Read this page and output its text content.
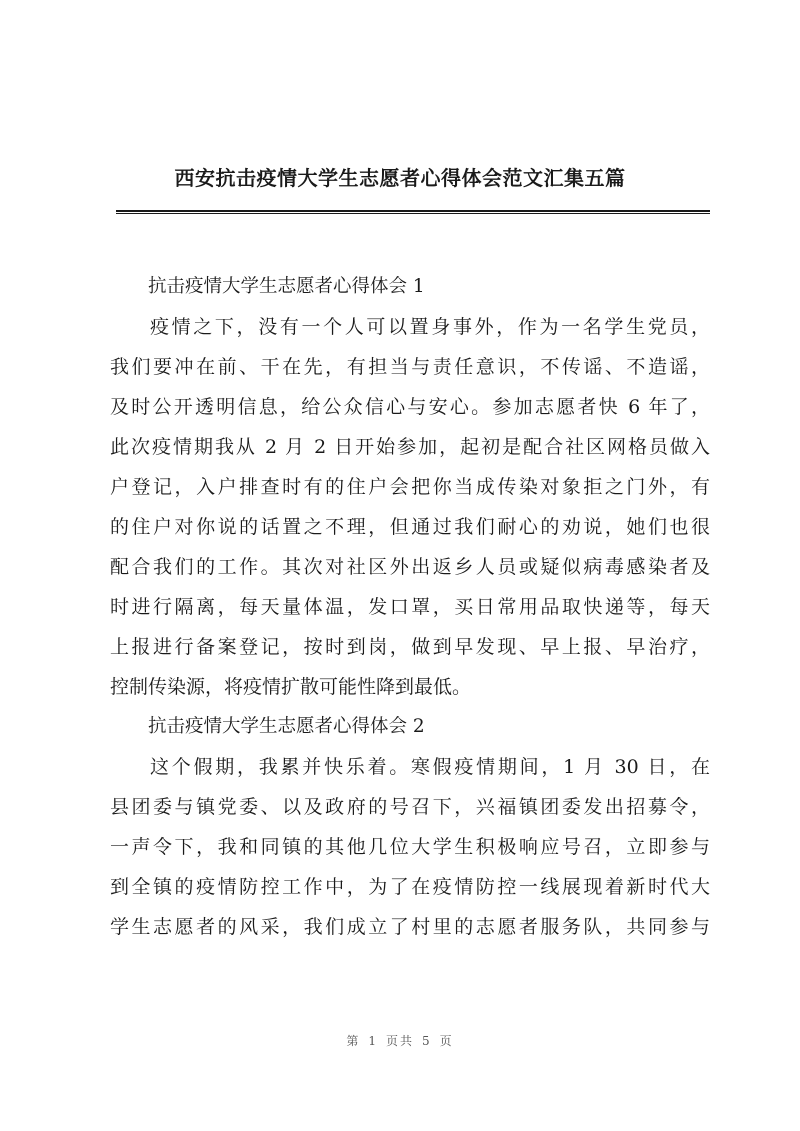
西安抗击疫情大学生志愿者心得体会范文汇集五篇
抗击疫情大学生志愿者心得体会 1
疫情之下，没有一个人可以置身事外，作为一名学生党员，
我们要冲在前、干在先，有担当与责任意识，不传谣、不造谣，
及时公开透明信息，给公众信心与安心。参加志愿者快 6 年了，
此次疫情期我从 2 月 2 日开始参加，起初是配合社区网格员做入
户登记，入户排查时有的住户会把你当成传染对象拒之门外，有
的住户对你说的话置之不理，但通过我们耐心的劝说，她们也很
配合我们的工作。其次对社区外出返乡人员或疑似病毒感染者及
时进行隔离，每天量体温，发口罩，买日常用品取快递等，每天
上报进行备案登记，按时到岗，做到早发现、早上报、早治疗，
控制传染源，将疫情扩散可能性降到最低。
抗击疫情大学生志愿者心得体会 2
这个假期，我累并快乐着。寒假疫情期间，1 月 30 日，在
县团委与镇党委、以及政府的号召下，兴福镇团委发出招募令，
一声令下，我和同镇的其他几位大学生积极响应号召，立即参与
到全镇的疫情防控工作中，为了在疫情防控一线展现着新时代大
学生志愿者的风采，我们成立了村里的志愿者服务队，共同参与
第 1 页共 5 页
